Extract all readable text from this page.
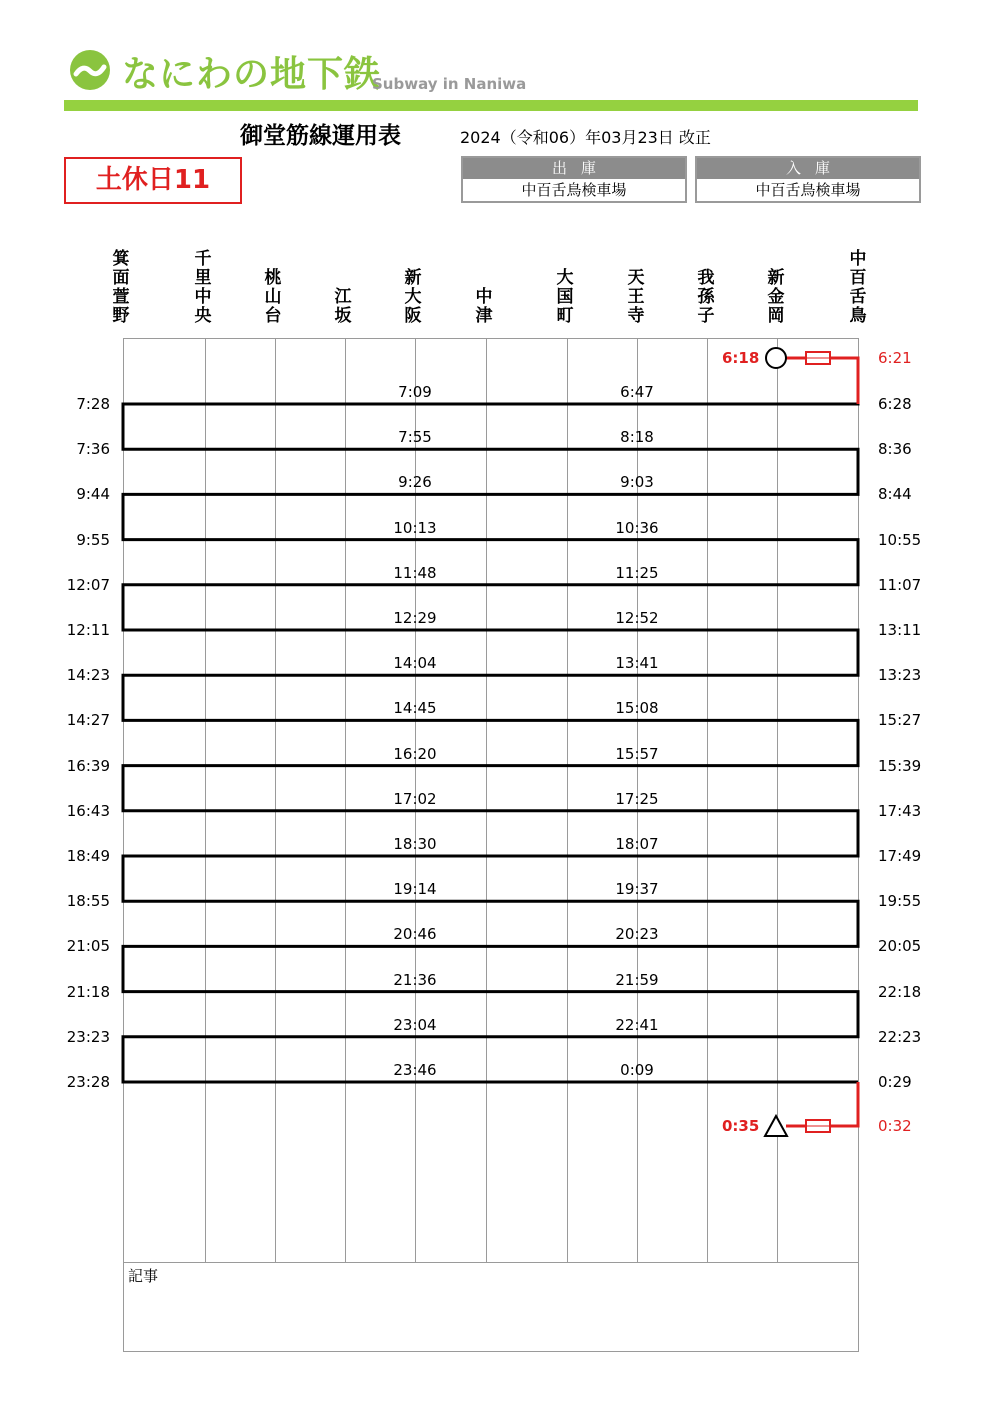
なにわの地下鉄
Subway in Naniwa
御堂筋線運用表	2024（令和06）年03月23日 改正
土休日11	出庫
中百舌鳥検車場
入庫
中百舌鳥検車場
箕面萱野
千里中央
桃山台
江坂
新大阪
中津
大国町
天王寺
我孫子
新金岡
中百舌鳥
記事
7:28	6:28
7:09	6:47
7:36	8:36
7:55	8:18
9:44	8:44
9:26	9:03
9:55	10:55
10:13	10:36
12:07	11:07
11:48	11:25
12:11	13:11
12:29	12:52
14:23	13:23
14:04	13:41
14:27	15:27
14:45	15:08
16:39	15:39
16:20	15:57
16:43	17:43
17:02	17:25
18:49	17:49
18:30	18:07
18:55	19:55
19:14	19:37
21:05	20:05
20:46	20:23
21:18	22:18
21:36	21:59
23:23	22:23
23:04	22:41
23:28	0:29
23:46	0:09
6:18	6:21
0:35	0:32
